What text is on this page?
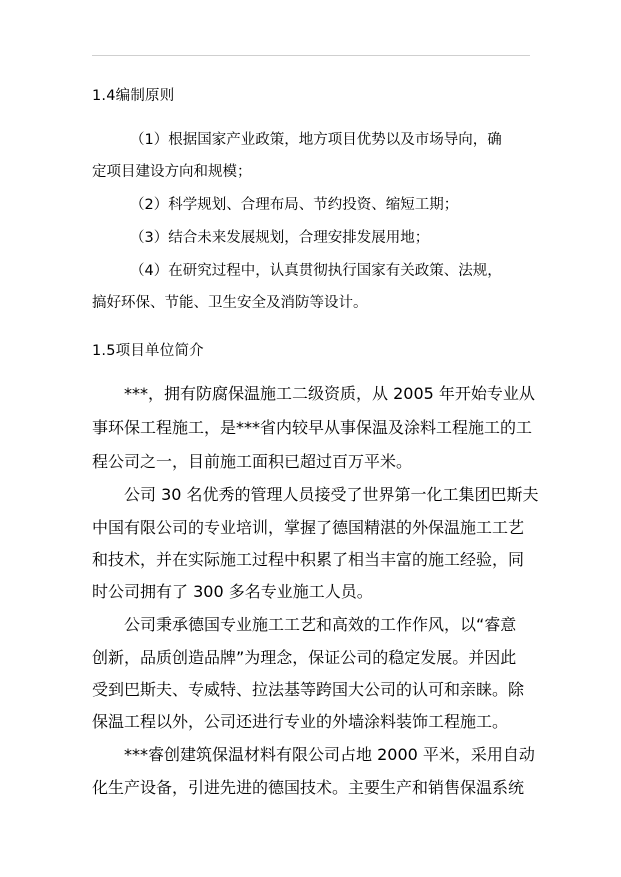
1.4编制原则
（1）根据国家产业政策，地方项目优势以及市场导向，确
定项目建设方向和规模；
（2）科学规划、合理布局、节约投资、缩短工期；
（3）结合未来发展规划，合理安排发展用地；
（4）在研究过程中，认真贯彻执行国家有关政策、法规，
搞好环保、节能、卫生安全及消防等设计。
1.5项目单位简介
***，拥有防腐保温施工二级资质，从 2005 年开始专业从
事环保工程施工，是***省内较早从事保温及涂料工程施工的工
程公司之一，目前施工面积已超过百万平米。
公司 30 名优秀的管理人员接受了世界第一化工集团巴斯夫
中国有限公司的专业培训，掌握了德国精湛的外保温施工工艺
和技术，并在实际施工过程中积累了相当丰富的施工经验，同
时公司拥有了 300 多名专业施工人员。
公司秉承德国专业施工工艺和高效的工作作风，以“睿意
创新，品质创造品牌”为理念，保证公司的稳定发展。并因此
受到巴斯夫、专威特、拉法基等跨国大公司的认可和亲睐。除
保温工程以外，公司还进行专业的外墙涂料装饰工程施工。
***睿创建筑保温材料有限公司占地 2000 平米，采用自动
化生产设备，引进先进的德国技术。主要生产和销售保温系统
